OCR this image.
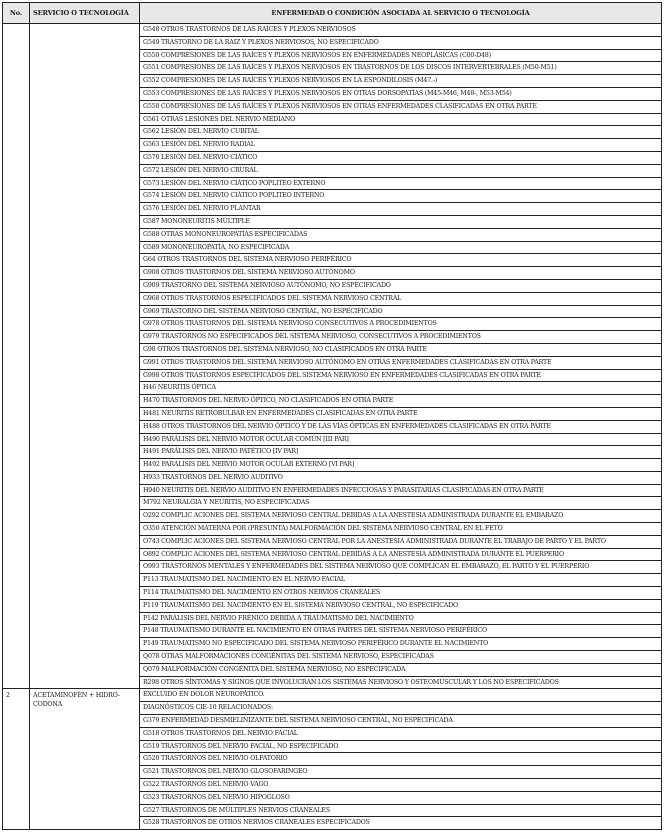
No.	SERVICIO O TECNOLOGÍA	ENFERMEDAD O CONDICIÓN ASOCIADA AL SERVICIO O TECNOLOGÍA
		G548 OTROS TRASTORNOS DE LAS RAÍCES Y PLEXOS NERVIOSOS
		G549 TRASTORNO DE LA RAIZ Y PLEXOS NERVIOSOS, NO ESPECIFICADO
		G550 COMPRESIONES DE LAS RAÍCES Y PLEXOS NERVIOSOS EN ENFERMEDADES NEOPLÁSICAS (C00-D48)
		G551 COMPRESIONES DE LAS RAÍCES Y PLEXOS NERVIOSOS EN TRASTORNOS DE LOS DISCOS INTERVERTEBRALES (M50-M51)
		G552 COMPRESIONES DE LAS RAÍCES Y PLEXOS NERVIOSOS EN LA ESPONDILOSIS (M47.-)
		G553 COMPRESIONES DE LAS RAÍCES Y PLEXOS NERVIOSOS EN OTRAS DORSOPATÍAS (M45-M46, M48-, M53-M54)
		G558 COMPRESIONES DE LAS RAÍCES Y PLEXOS NERVIOSOS EN OTRAS ENFERMEDADES CLASIFICADAS EN OTRA PARTE
		G561 OTRAS LESIONES DEL NERVIO MEDIANO
		G562 LESIÓN DEL NERVIO CUBITAL
		G563 LESIÓN DEL NERVIO RADIAL
		G570 LESIÓN DEL NERVIO CIÁTICO
		G572 LESIÓN DEL NERVIO CRURAL
		G573 LESIÓN DEL NERVIO CIÁTICO POPLITEO EXTERNO
		G574 LESIÓN DEL NERVIO CIÁTICO POPLITEO INTERNO
		G576 LESIÓN DEL NERVIO PLANTAR
		G587 MONONEURITIS MÚLTIPLE
		G588 OTRAS MONONEUROPATÍAS ESPECIFICADAS
		G589 MONONEUROPATÍA, NO ESPECIFICADA
		G64 OTROS TRASTORNOS DEL SISTEMA NERVIOSO PERIFÉRICO
		G908 OTROS TRASTORNOS DEL SISTEMA NERVIOSO AUTÓNOMO
		G909 TRASTORNO DEL SISTEMA NERVIOSO AUTÓNOMO, NO ESPECIFICADO
		G968 OTROS TRASTORNOS ESPECIFICADOS DEL SISTEMA NERVIOSO CENTRAL
		G969 TRASTORNO DEL SISTEMA NERVIOSO CENTRAL, NO ESPECIFICADO
		G978 OTROS TRASTORNOS DEL SISTEMA NERVIOSO CONSECUTIVOS A PROCEDIMIENTOS
		G979 TRASTORNOS NO ESPECIFICADOS DEL SISTEMA NERVIOSO, CONSECUTIVOS A PROCEDIMIENTOS
		G98 OTROS TRASTORNOS DEL SISTEMA NERVIOSO, NO CLASIFICADOS EN OTRA PARTE
		G991 OTROS TRASTORNOS DEL SISTEMA NERVIOSO AUTÓNOMO EN OTRAS ENFERMEDADES CLASIFICADAS EN OTRA PARTE
		G998 OTROS TRASTORNOS ESPECIFICADOS DEL SISTEMA NERVIOSO EN ENFERMEDADES CLASIFICADAS EN OTRA PARTE
		H46 NEURITIS ÓPTICA
		H470 TRASTORNOS DEL NERVIO ÓPTICO, NO CLASIFICADOS EN OTRA PARTE
		H481 NEURITIS RETROBULBAR EN ENFERMEDADES CLASIFICADAS EN OTRA PARTE
		H488 OTROS TRASTORNOS DEL NERVIO ÓPTICO Y DE LAS VÍAS ÓPTICAS EN ENFERMEDADES CLASIFICADAS EN OTRA PARTE
		H490 PARÁLISIS DEL NERVIO MOTOR OCULAR COMÚN [III PAR]
		H491 PARÁLISIS DEL NERVIO PATÉTICO [IV PAR]
		H492 PARÁLISIS DEL NERVIO MOTOR OCULAR EXTERNO [VI PAR]
		H933 TRASTORNOS DEL NERVIO AUDITIVO
		H940 NEURITIS DEL NERVIO AUDITIVO EN ENFERMEDADES INFECCIOSAS Y PARASITARIAS CLASIFICADAS EN OTRA PARTE
		M792 NEURALGIA Y NEURITIS, NO ESPECIFICADAS
		O292 COMPLIC ACIONES DEL SISTEMA NERVIOSO CENTRAL DEBIDAS A LA ANESTESIA ADMINISTRADA DURANTE EL EMBARAZO
		O350 ATENCIÓN MATERNA POR (PRESUNTA) MALFORMACIÓN DEL SISTEMA NERVIOSO CENTRAL EN EL FETO
		O743 COMPLIC ACIONES DEL SISTEMA NERVIOSO CENTRAL POR LA ANESTESIA ADMINISTRADA DURANTE EL TRABAJO DE PARTO Y EL PARTO
		O892 COMPLIC ACIONES DEL SISTEMA NERVIOSO CENTRAL DEBIDAS A LA ANESTESIA ADMINISTRADA DURANTE EL PUERPERIO
		O993 TRASTORNOS MENTALES Y ENFERMEDADES DEL SISTEMA NERVIOSO QUE COMPLICAN EL EMBARAZO, EL PARTO Y EL PUERPERIO
		P113 TRAUMATISMO DEL NACIMIENTO EN EL NERVIO FACIAL
		P114 TRAUMATISMO DEL NACIMIENTO EN OTROS NERVIOS CRANEALES
		P119 TRAUMATISMO DEL NACIMIENTO EN EL SISTEMA NERVIOSO CENTRAL, NO ESPECIFICADO
		P142 PARÁLISIS DEL NERVIO FRÉNICO DEBIDA A TRAUMATISMO DEL NACIMIENTO
		P148 TRAUMATISMO DURANTE EL NACIMIENTO EN OTRAS PARTES DEL SISTEMA NERVIOSO PERIFÉRICO
		P149 TRAUMATISMO NO ESPECIFICADO DEL SISTEMA NERVIOSO PERIFÉRICO DURANTE EL NACIMIENTO
		Q078 OTRAS MALFORMACIONES CONGÉNITAS DEL SISTEMA NERVIOSO, ESPECIFICADAS
		Q079 MALFORMACIÓN CONGÉNITA DEL SISTEMA NERVIOSO, NO ESPECIFICADA
		R298 OTROS SÍNTOMAS Y SIGNOS QUE INVOLUCRAN LOS SISTEMAS NERVIOSO Y OSTEOMUSCULAR Y LOS NO ESPECIFICADOS
2	ACETAMINOFÉN + HIDRO-CODONA	EXCLUIDO EN DOLOR NEUROPÁTICO.
		DIAGNÓSTICOS CIE-10 RELACIONADOS:
		G379 ENFERMEDAD DESMIELINIZANTE DEL SISTEMA NERVIOSO CENTRAL, NO ESPECIFICADA
		G518 OTROS TRASTORNOS DEL NERVIO FACIAL
		G519 TRASTORNOS DEL NERVIO FACIAL, NO ESPECIFICADO
		G520 TRASTORNOS DEL NERVIO OLFATORIO
		G521 TRASTORNOS DEL NERVIO GLOSOFARINGEO
		G522 TRASTORNOS DEL NERVIO VAGO
		G523 TRASTORNOS DEL NERVIO HIPOGLOSO
		G527 TRASTORNOS DE MÚLTIPLES NERVIOS CRANEALES
		G528 TRASTORNOS DE OTROS NERVIOS CRANEALES ESPECIFICADOS
